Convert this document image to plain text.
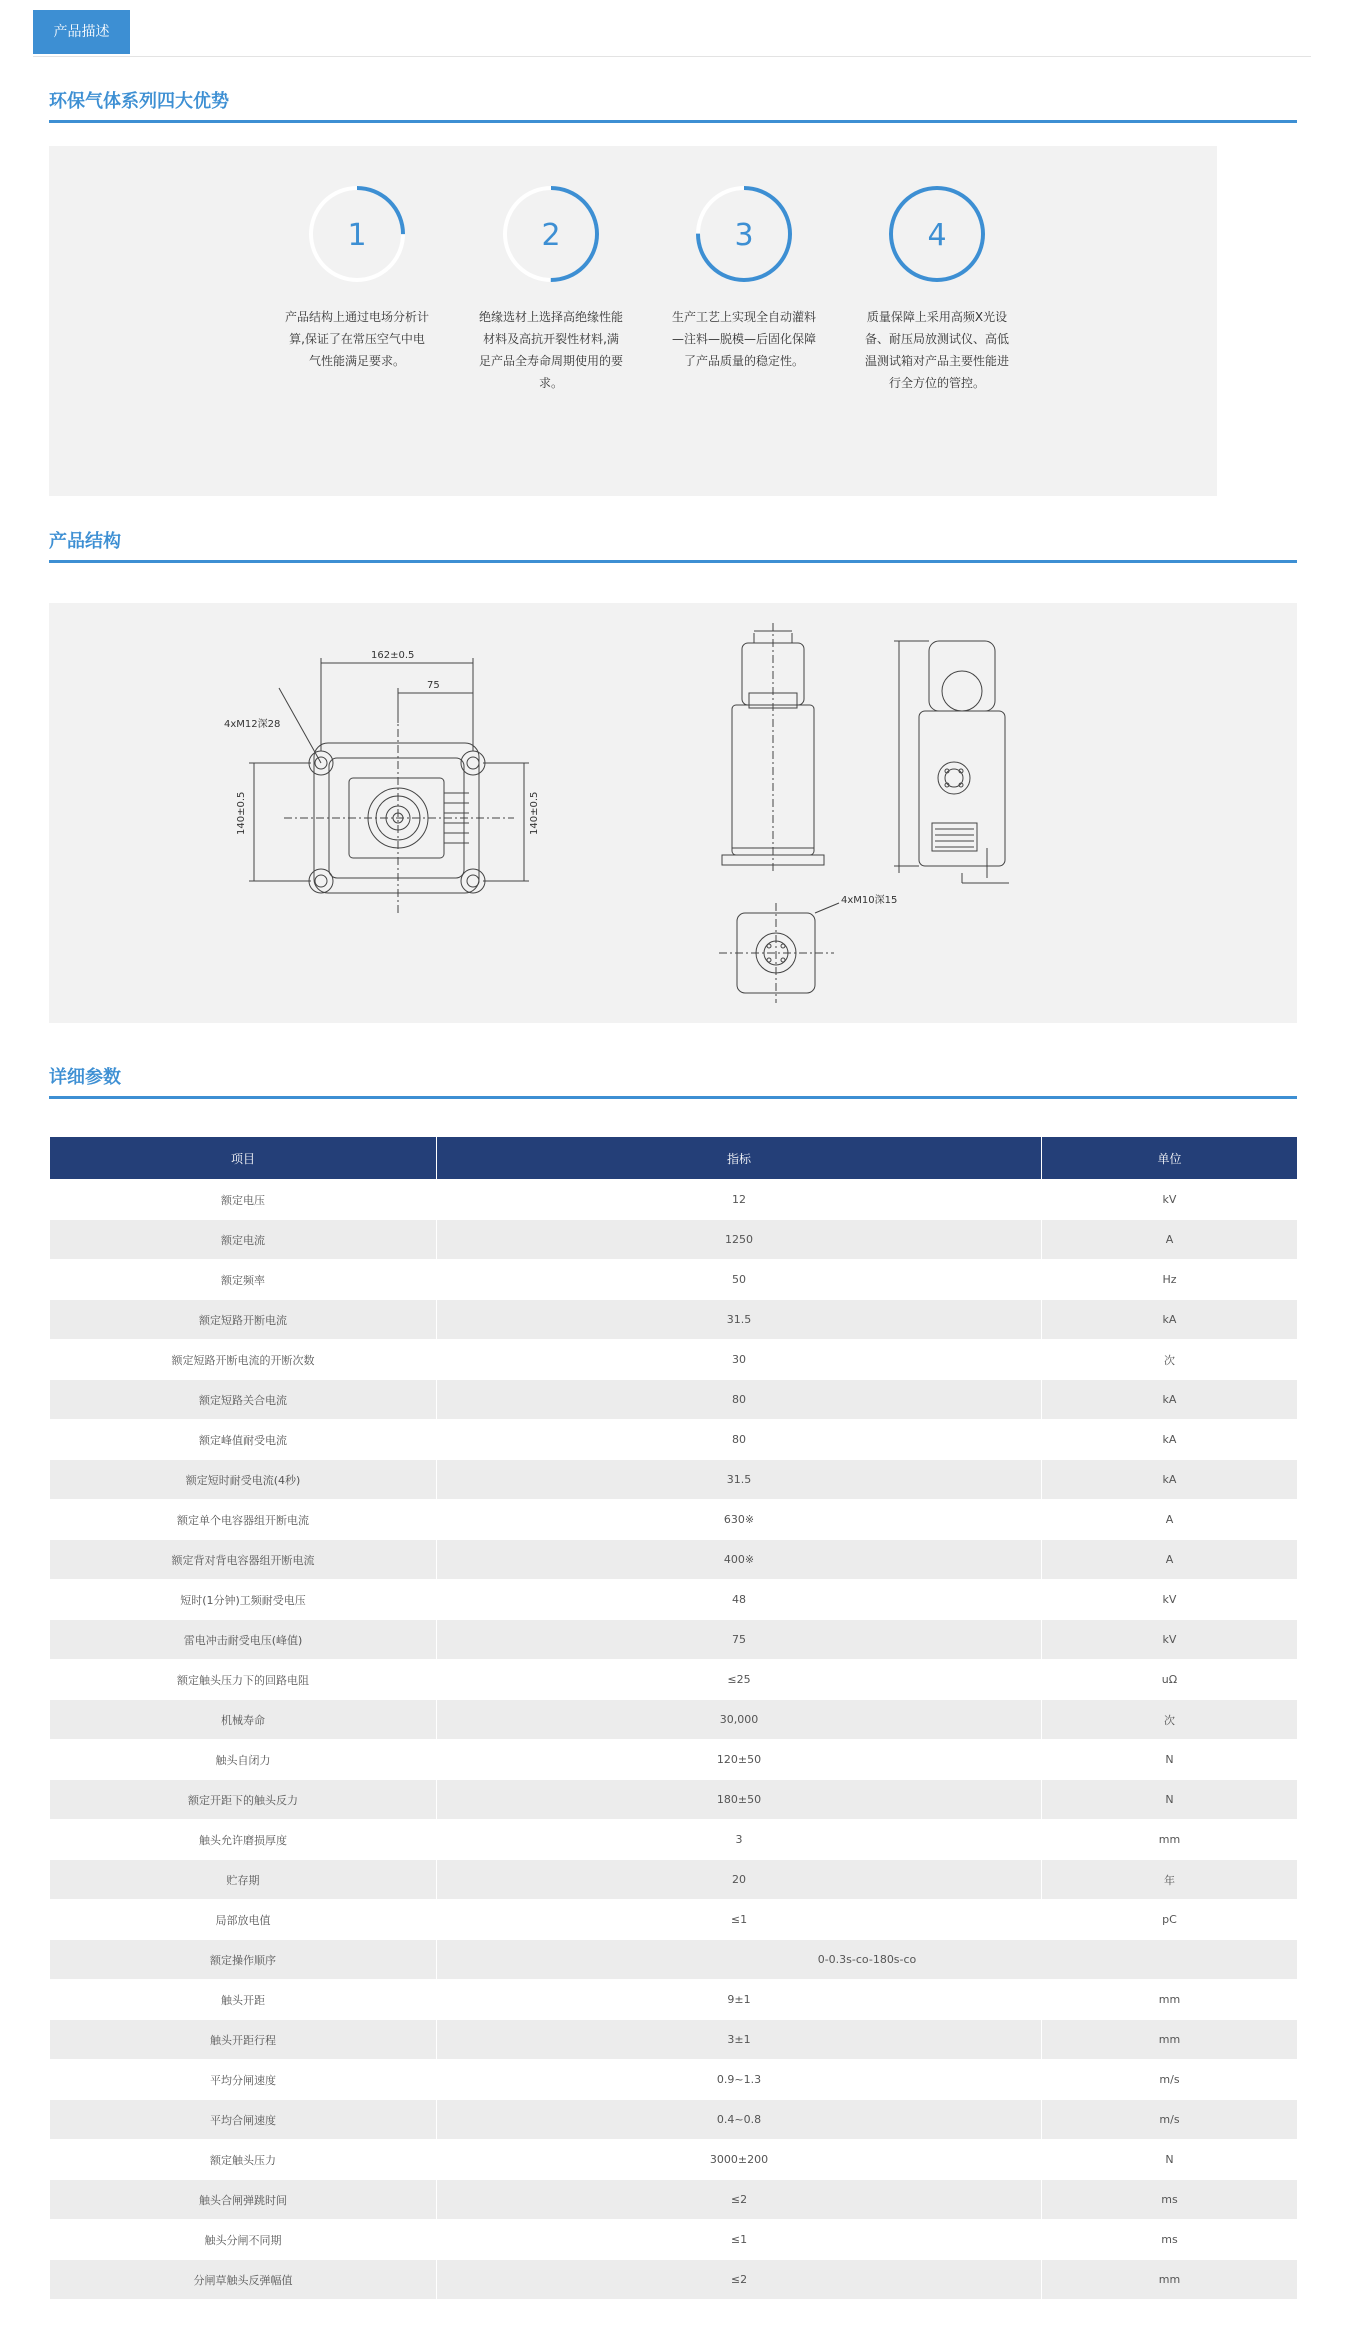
产品描述
环保气体系列四大优势
1
产品结构上通过电场分析计算,保证了在常压空气中电气性能满足要求。
2
绝缘选材上选择高绝缘性能材料及高抗开裂性材料,满足产品全寿命周期使用的要求。
3
生产工艺上实现全自动灌料—注料—脱模—后固化保障了产品质量的稳定性。
4
质量保障上采用高频X光设备、耐压局放测试仪、高低温测试箱对产品主要性能进行全方位的管控。
产品结构
4xM12深28
162±0.5
75
140±0.5	140±0.5
4xM10深15
详细参数
项目	指标	单位
额定电压	12	kV
额定电流	1250	A
额定频率	50	Hz
额定短路开断电流	31.5	kA
额定短路开断电流的开断次数	30	次
额定短路关合电流	80	kA
额定峰值耐受电流	80	kA
额定短时耐受电流(4秒)	31.5	kA
额定单个电容器组开断电流	630※	A
额定背对背电容器组开断电流	400※	A
短时(1分钟)工频耐受电压	48	kV
雷电冲击耐受电压(峰值)	75	kV
额定触头压力下的回路电阻	≤25	uΩ
机械寿命	30,000	次
触头自闭力	120±50	N
额定开距下的触头反力	180±50	N
触头允许磨损厚度	3	mm
贮存期	20	年
局部放电值	≤1	pC
额定操作顺序	0-0.3s-co-180s-co	
触头开距	9±1	mm
触头开距行程	3±1	mm
平均分闸速度	0.9~1.3	m/s
平均合闸速度	0.4~0.8	m/s
额定触头压力	3000±200	N
触头合闸弹跳时间	≤2	ms
触头分闸不同期	≤1	ms
分闸草触头反弹幅值	≤2	mm
